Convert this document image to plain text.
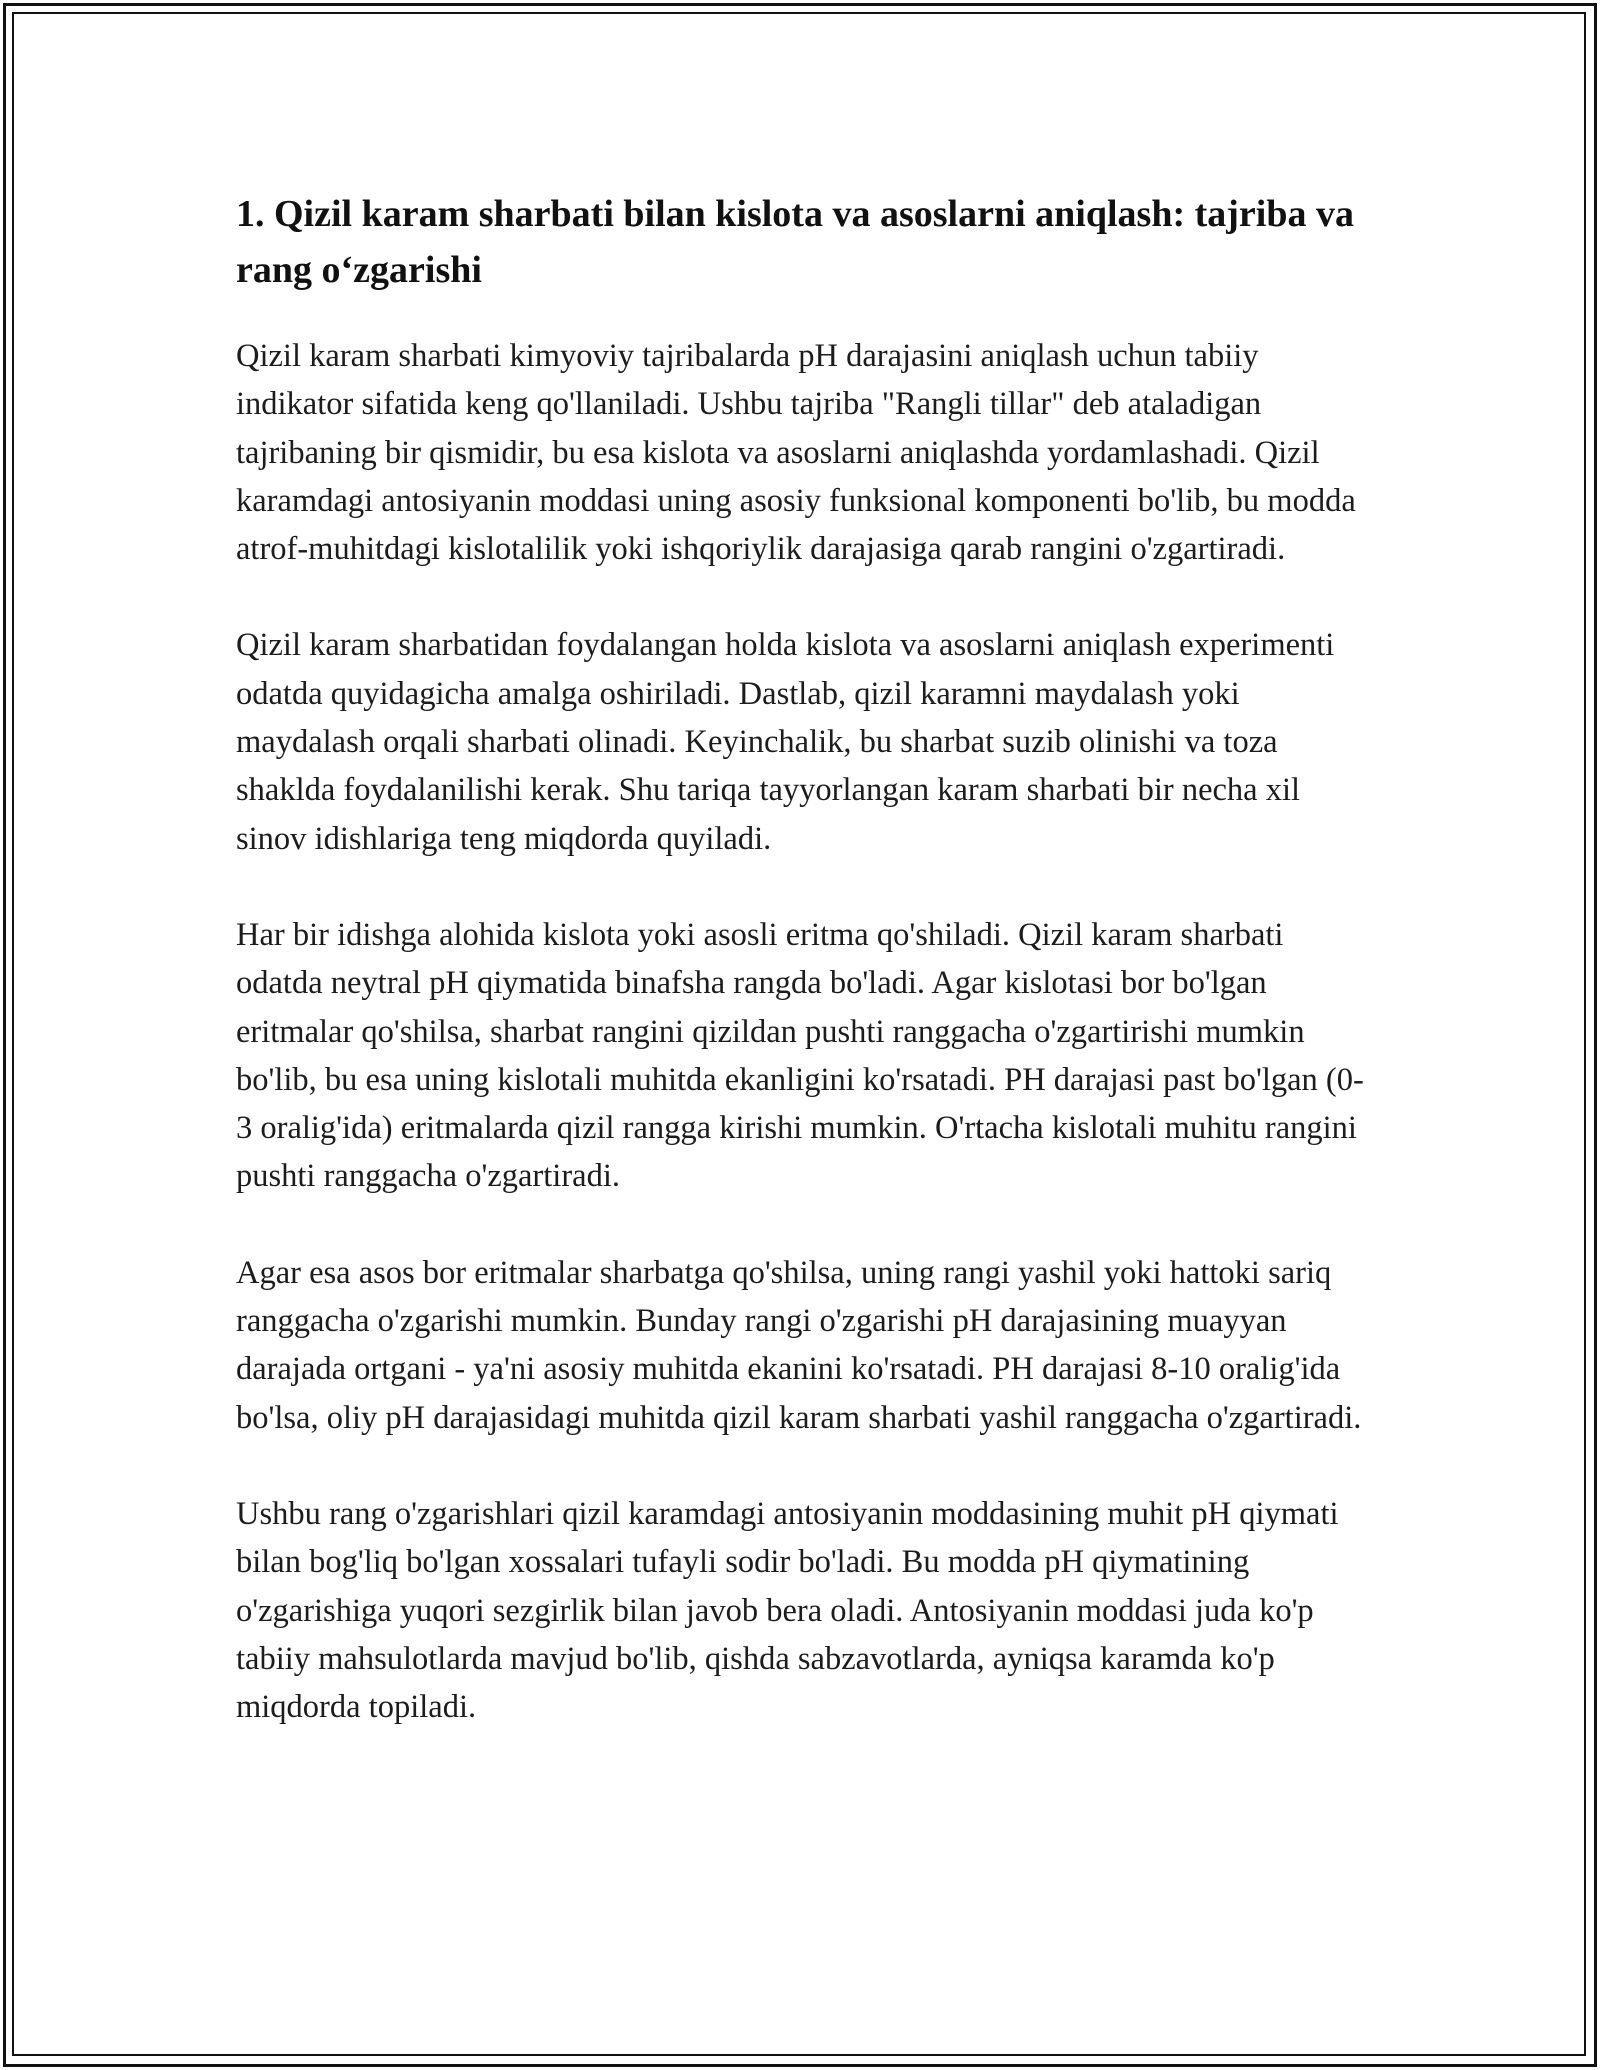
1. Qizil karam sharbati bilan kislota va asoslarni aniqlash: tajriba va rang o‘zgarishi

Qizil karam sharbati kimyoviy tajribalarda pH darajasini aniqlash uchun tabiiy indikator sifatida keng qo'llaniladi. Ushbu tajriba "Rangli tillar" deb ataladigan tajribaning bir qismidir, bu esa kislota va asoslarni aniqlashda yordamlashadi. Qizil karamdagi antosiyanin moddasi uning asosiy funksional komponenti bo'lib, bu modda atrof-muhitdagi kislotalilik yoki ishqoriylik darajasiga qarab rangini o'zgartiradi.

Qizil karam sharbatidan foydalangan holda kislota va asoslarni aniqlash experimenti odatda quyidagicha amalga oshiriladi. Dastlab, qizil karamni maydalash yoki maydalash orqali sharbati olinadi. Keyinchalik, bu sharbat suzib olinishi va toza shaklda foydalanilishi kerak. Shu tariqa tayyorlangan karam sharbati bir necha xil sinov idishlariga teng miqdorda quyiladi.

Har bir idishga alohida kislota yoki asosli eritma qo'shiladi. Qizil karam sharbati odatda neytral pH qiymatida binafsha rangda bo'ladi. Agar kislotasi bor bo'lgan eritmalar qo'shilsa, sharbat rangini qizildan pushti ranggacha o'zgartirishi mumkin bo'lib, bu esa uning kislotali muhitda ekanligini ko'rsatadi. PH darajasi past bo'lgan (0-3 oralig'ida) eritmalarda qizil rangga kirishi mumkin. O'rtacha kislotali muhitu rangini pushti ranggacha o'zgartiradi.

Agar esa asos bor eritmalar sharbatga qo'shilsa, uning rangi yashil yoki hattoki sariq ranggacha o'zgarishi mumkin. Bunday rangi o'zgarishi pH darajasining muayyan darajada ortgani - ya'ni asosiy muhitda ekanini ko'rsatadi. PH darajasi 8-10 oralig'ida bo'lsa, oliy pH darajasidagi muhitda qizil karam sharbati yashil ranggacha o'zgartiradi.

Ushbu rang o'zgarishlari qizil karamdagi antosiyanin moddasining muhit pH qiymati bilan bog'liq bo'lgan xossalari tufayli sodir bo'ladi. Bu modda pH qiymatining o'zgarishiga yuqori sezgirlik bilan javob bera oladi. Antosiyanin moddasi juda ko'p tabiiy mahsulotlarda mavjud bo'lib, qishda sabzavotlarda, ayniqsa karamda ko'p miqdorda topiladi.
